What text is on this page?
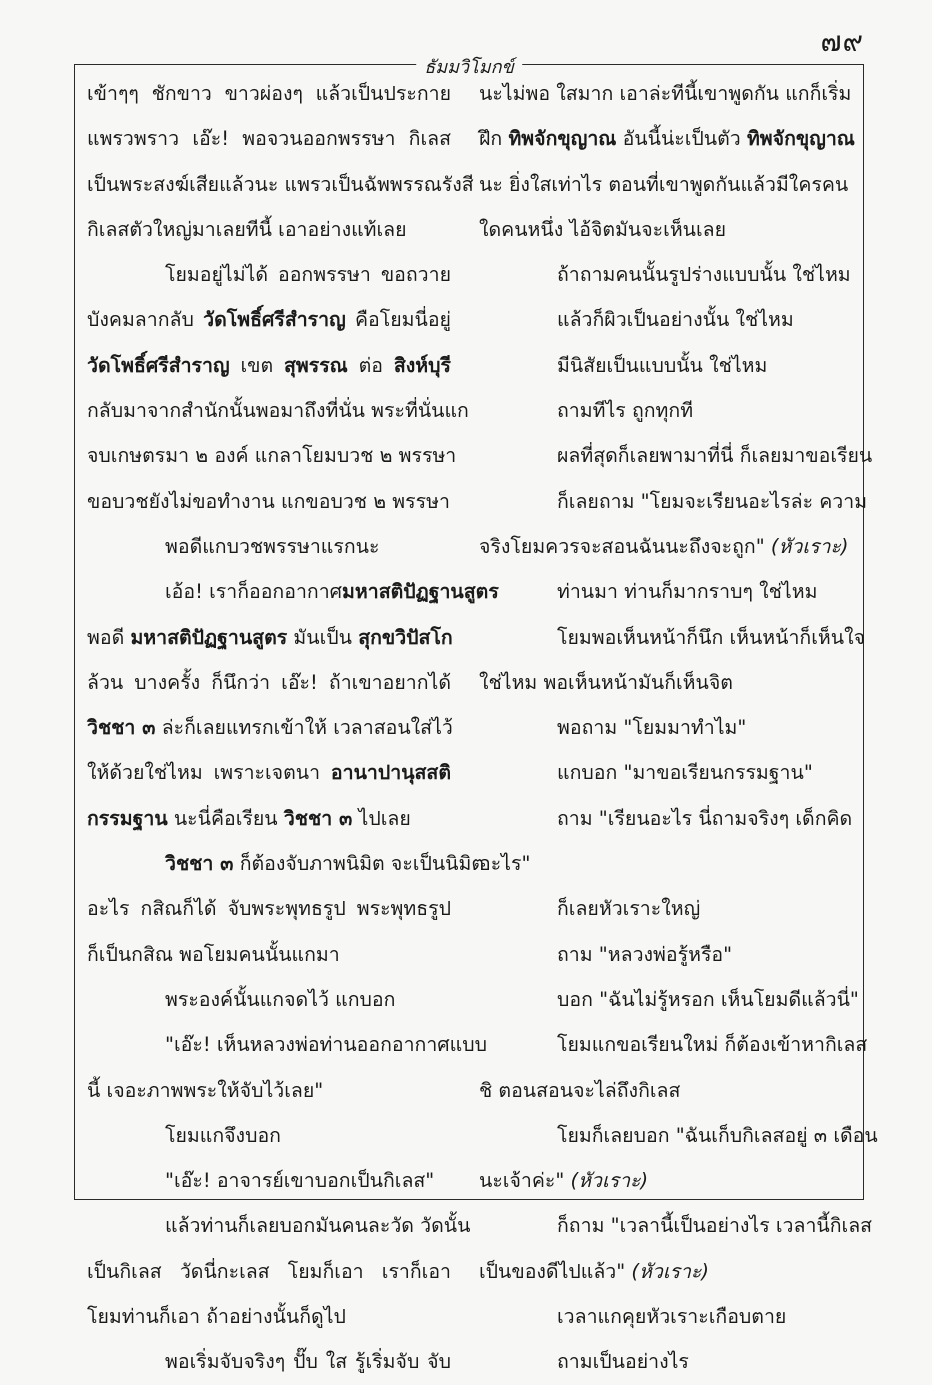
๗๙
ธัมมวิโมกข์
เข้าๆๆ ชักขาว ขาวผ่องๆ แล้วเป็นประกาย
แพรวพราว เอ๊ะ! พอจวนออกพรรษา กิเลส
เป็นพระสงฆ์เสียแล้วนะ แพรวเป็นฉัพพรรณรังสี
กิเลสตัวใหญ่มาเลยทีนี้ เอาอย่างแท้เลย
โยมอยู่ไม่ได้ ออกพรรษา ขอถวาย
บังคมลากลับ วัดโพธิ์ศรีสำราญ คือโยมนี่อยู่
วัดโพธิ์ศรีสำราญ เขต สุพรรณ ต่อ สิงห์บุรี
กลับมาจากสำนักนั้นพอมาถึงที่นั่น พระที่นั่นแก
จบเกษตรมา ๒ องค์ แกลาโยมบวช ๒ พรรษา
ขอบวชยังไม่ขอทำงาน แกขอบวช ๒ พรรษา
พอดีแกบวชพรรษาแรกนะ
เอ้อ! เราก็ออกอากาศมหาสติปัฏฐานสูตร
พอดี มหาสติปัฏฐานสูตร มันเป็น สุกขวิปัสโก
ล้วน บางครั้ง ก็นึกว่า เอ๊ะ! ถ้าเขาอยากได้
วิชชา ๓ ล่ะก็เลยแทรกเข้าให้ เวลาสอนใส่ไว้
ให้ด้วยใช่ไหม เพราะเจตนา อานาปานุสสติ
กรรมฐาน นะนี่คือเรียน วิชชา ๓ ไปเลย
วิชชา ๓ ก็ต้องจับภาพนิมิต จะเป็นนิมิต
อะไร กสิณก็ได้ จับพระพุทธรูป พระพุทธรูป
ก็เป็นกสิณ พอโยมคนนั้นแกมา
พระองค์นั้นแกจดไว้ แกบอก
"เอ๊ะ! เห็นหลวงพ่อท่านออกอากาศแบบ
นี้ เจอะภาพพระให้จับไว้เลย"
โยมแกจึงบอก
"เอ๊ะ! อาจารย์เขาบอกเป็นกิเลส"
แล้วท่านก็เลยบอกมันคนละวัด วัดนั้น
เป็นกิเลส วัดนี่กะเลส โยมก็เอา เราก็เอา
โยมท่านก็เอา ถ้าอย่างนั้นก็ดูไป
พอเริ่มจับจริงๆ ปั๊บ ใส รู้เริ่มจับ จับ
นะไม่พอ ใสมาก เอาล่ะทีนี้เขาพูดกัน แกก็เริ่ม
ฝึก ทิพจักขุญาณ อันนี้น่ะเป็นตัว ทิพจักขุญาณ
นะ ยิ่งใสเท่าไร ตอนที่เขาพูดกันแล้วมีใครคน
ใดคนหนึ่ง ไอ้จิตมันจะเห็นเลย
ถ้าถามคนนั้นรูปร่างแบบนั้น ใช่ไหม
แล้วก็ผิวเป็นอย่างนั้น ใช่ไหม
มีนิสัยเป็นแบบนั้น ใช่ไหม
ถามทีไร ถูกทุกที
ผลที่สุดก็เลยพามาที่นี่ ก็เลยมาขอเรียน
ก็เลยถาม "โยมจะเรียนอะไรล่ะ ความ
จริงโยมควรจะสอนฉันนะถึงจะถูก" (หัวเราะ)
ท่านมา ท่านก็มากราบๆ ใช่ไหม
โยมพอเห็นหน้าก็นึก เห็นหน้าก็เห็นใจ
ใช่ไหม พอเห็นหน้ามันก็เห็นจิต
พอถาม "โยมมาทำไม"
แกบอก "มาขอเรียนกรรมฐาน"
ถาม "เรียนอะไร นี่ถามจริงๆ เด็กคิด
อะไร"
ก็เลยหัวเราะใหญ่
ถาม "หลวงพ่อรู้หรือ"
บอก "ฉันไม่รู้หรอก เห็นโยมดีแล้วนี่"
โยมแกขอเรียนใหม่ ก็ต้องเข้าหากิเลส
ชิ ตอนสอนจะไล่ถึงกิเลส
โยมก็เลยบอก "ฉันเก็บกิเลสอยู่ ๓ เดือน
นะเจ้าค่ะ" (หัวเราะ)
ก็ถาม "เวลานี้เป็นอย่างไร เวลานี้กิเลส
เป็นของดีไปแล้ว" (หัวเราะ)
เวลาแกคุยหัวเราะเกือบตาย
ถามเป็นอย่างไร
